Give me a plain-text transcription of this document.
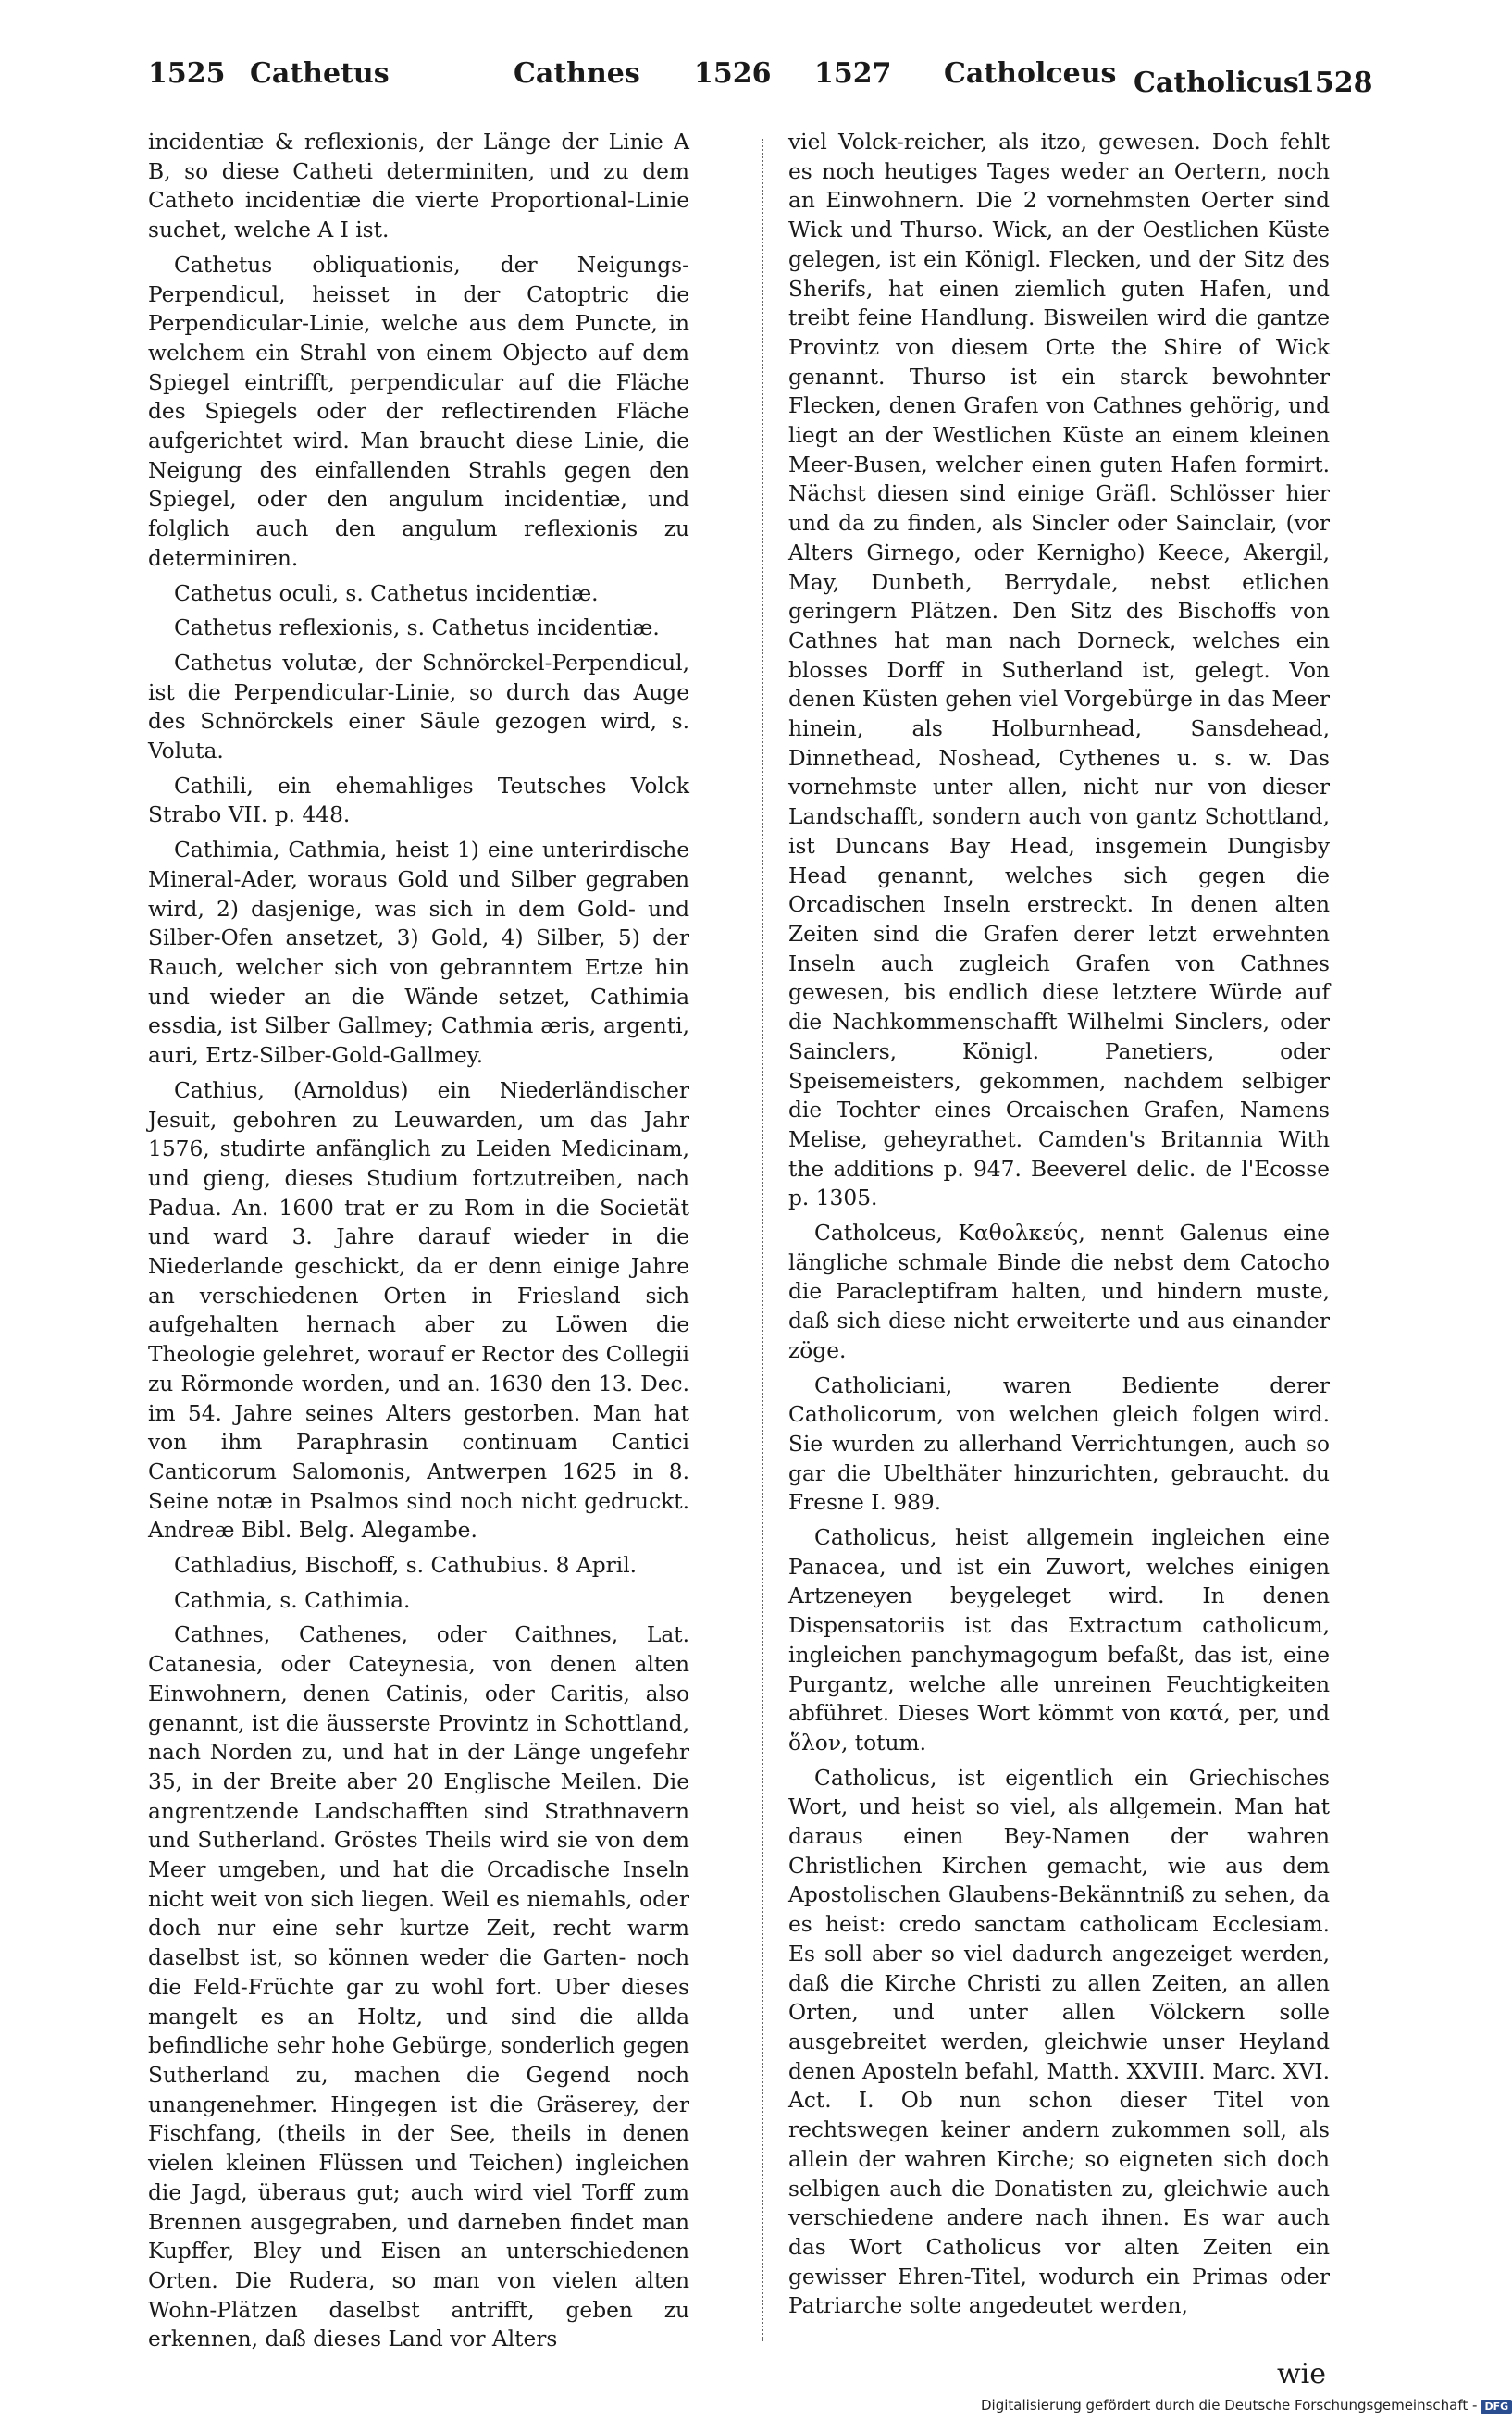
1525 Cathetus	Cathnes 1526 1527 Catholceus Catholicus
1528

incidentiæ & reflexionis, der Länge der Linie A B, so diese Catheti determiniten, und zu dem Catheto incidentiæ die vierte Proportional-Linie suchet, welche A I ist.

Cathetus obliquationis, der Neigungs-Perpendicul, heisset in der Catoptric die Perpendicular-Linie, welche aus dem Puncte, in welchem ein Strahl von einem Objecto auf dem Spiegel eintrifft, perpendicular auf die Fläche des Spiegels oder der reflectirenden Fläche aufgerichtet wird. Man braucht diese Linie, die Neigung des einfallenden Strahls gegen den Spiegel, oder den angulum incidentiæ, und folglich auch den angulum reflexionis zu determiniren.

Cathetus oculi, s. Cathetus incidentiæ.

Cathetus reflexionis, s. Cathetus incidentiæ.

Cathetus volutæ, der Schnörckel-Perpendicul, ist die Perpendicular-Linie, so durch das Auge des Schnörckels einer Säule gezogen wird, s. Voluta.

Cathili, ein ehemahliges Teutsches Volck Strabo VII. p. 448.

Cathimia, Cathmia, heist 1) eine unterirdische Mineral-Ader, woraus Gold und Silber gegraben wird, 2) dasjenige, was sich in dem Gold- und Silber-Ofen ansetzet, 3) Gold, 4) Silber, 5) der Rauch, welcher sich von gebranntem Ertze hin und wieder an die Wände setzet, Cathimia essdia, ist Silber Gallmey; Cathmia æris, argenti, auri, Ertz-Silber-Gold-Gallmey.

Cathius, (Arnoldus) ein Niederländischer Jesuit, gebohren zu Leuwarden, um das Jahr 1576, studirte anfänglich zu Leiden Medicinam, und gieng, dieses Studium fortzutreiben, nach Padua. An. 1600 trat er zu Rom in die Societät und ward 3. Jahre darauf wieder in die Niederlande geschickt, da er denn einige Jahre an verschiedenen Orten in Friesland sich aufgehalten hernach aber zu Löwen die Theologie gelehret, worauf er Rector des Collegii zu Rörmonde worden, und an. 1630 den 13. Dec. im 54. Jahre seines Alters gestorben. Man hat von ihm Paraphrasin continuam Cantici Canticorum Salomonis, Antwerpen 1625 in 8. Seine notæ in Psalmos sind noch nicht gedruckt. Andreæ Bibl. Belg. Alegambe.

Cathladius, Bischoff, s. Cathubius. 8 April.

Cathmia, s. Cathimia.

Cathnes, Cathenes, oder Caithnes, Lat. Catanesia, oder Cateynesia, von denen alten Einwohnern, denen Catinis, oder Caritis, also genannt, ist die äusserste Provintz in Schottland, nach Norden zu, und hat in der Länge ungefehr 35, in der Breite aber 20 Englische Meilen. Die angrentzende Landschafften sind Strathnavern und Sutherland. Gröstes Theils wird sie von dem Meer umgeben, und hat die Orcadische Inseln nicht weit von sich liegen. Weil es niemahls, oder doch nur eine sehr kurtze Zeit, recht warm daselbst ist, so können weder die Garten- noch die Feld-Früchte gar zu wohl fort. Uber dieses mangelt es an Holtz, und sind die allda befindliche sehr hohe Gebürge, sonderlich gegen Sutherland zu, machen die Gegend noch unangenehmer. Hingegen ist die Gräserey, der Fischfang, (theils in der See, theils in denen vielen kleinen Flüssen und Teichen) ingleichen die Jagd, überaus gut; auch wird viel Torff zum Brennen ausgegraben, und darneben findet man Kupffer, Bley und Eisen an unterschiedenen Orten. Die Rudera, so man von vielen alten Wohn-Plätzen daselbst antrifft, geben zu erkennen, daß dieses Land vor Alters

viel Volck-reicher, als itzo, gewesen. Doch fehlt es noch heutiges Tages weder an Oertern, noch an Einwohnern. Die 2 vornehmsten Oerter sind Wick und Thurso. Wick, an der Oestlichen Küste gelegen, ist ein Königl. Flecken, und der Sitz des Sherifs, hat einen ziemlich guten Hafen, und treibt feine Handlung. Bisweilen wird die gantze Provintz von diesem Orte the Shire of Wick genannt. Thurso ist ein starck bewohnter Flecken, denen Grafen von Cathnes gehörig, und liegt an der Westlichen Küste an einem kleinen Meer-Busen, welcher einen guten Hafen formirt. Nächst diesen sind einige Gräfl. Schlösser hier und da zu finden, als Sincler oder Sainclair, (vor Alters Girnego, oder Kernigho) Keece, Akergil, May, Dunbeth, Berrydale, nebst etlichen geringern Plätzen. Den Sitz des Bischoffs von Cathnes hat man nach Dorneck, welches ein blosses Dorff in Sutherland ist, gelegt. Von denen Küsten gehen viel Vorgebürge in das Meer hinein, als Holburnhead, Sansdehead, Dinnethead, Noshead, Cythenes u. s. w. Das vornehmste unter allen, nicht nur von dieser Landschafft, sondern auch von gantz Schottland, ist Duncans Bay Head, insgemein Dungisby Head genannt, welches sich gegen die Orcadischen Inseln erstreckt. In denen alten Zeiten sind die Grafen derer letzt erwehnten Inseln auch zugleich Grafen von Cathnes gewesen, bis endlich diese letztere Würde auf die Nachkommenschafft Wilhelmi Sinclers, oder Sainclers, Königl. Panetiers, oder Speisemeisters, gekommen, nachdem selbiger die Tochter eines Orcaischen Grafen, Namens Melise, geheyrathet. Camden's Britannia With the additions p. 947. Beeverel delic. de l'Ecosse p. 1305.

Catholceus, Καθολκεύς, nennt Galenus eine längliche schmale Binde die nebst dem Catocho die Paracleptifram halten, und hindern muste, daß sich diese nicht erweiterte und aus einander zöge.

Catholiciani, waren Bediente derer Catholicorum, von welchen gleich folgen wird. Sie wurden zu allerhand Verrichtungen, auch so gar die Ubelthäter hinzurichten, gebraucht. du Fresne I. 989.

Catholicus, heist allgemein ingleichen eine Panacea, und ist ein Zuwort, welches einigen Artzeneyen beygeleget wird. In denen Dispensatoriis ist das Extractum catholicum, ingleichen panchymagogum befaßt, das ist, eine Purgantz, welche alle unreinen Feuchtigkeiten abführet. Dieses Wort kömmt von κατά, per, und ὅλον, totum.

Catholicus, ist eigentlich ein Griechisches Wort, und heist so viel, als allgemein. Man hat daraus einen Bey-Namen der wahren Christlichen Kirchen gemacht, wie aus dem Apostolischen Glaubens-Bekänntniß zu sehen, da es heist: credo sanctam catholicam Ecclesiam. Es soll aber so viel dadurch angezeiget werden, daß die Kirche Christi zu allen Zeiten, an allen Orten, und unter allen Völckern solle ausgebreitet werden, gleichwie unser Heyland denen Aposteln befahl, Matth. XXVIII. Marc. XVI. Act. I. Ob nun schon dieser Titel von rechtswegen keiner andern zukommen soll, als allein der wahren Kirche; so eigneten sich doch selbigen auch die Donatisten zu, gleichwie auch verschiedene andere nach ihnen. Es war auch das Wort Catholicus vor alten Zeiten ein gewisser Ehren-Titel, wodurch ein Primas oder Patriarche solte angedeutet werden,

wie
Digitalisierung gefördert durch die Deutsche Forschungsgemeinschaft - DFG
